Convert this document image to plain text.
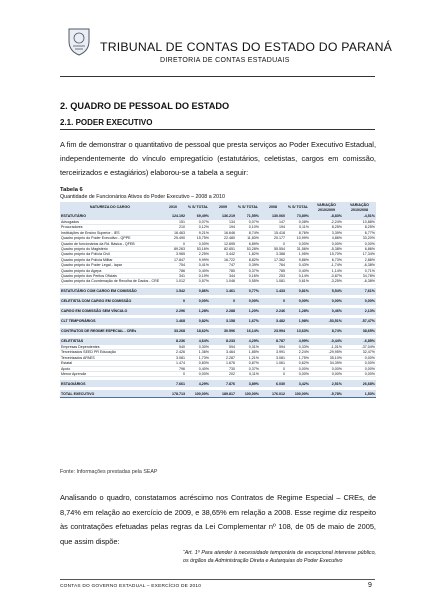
TRIBUNAL DE CONTAS DO ESTADO DO PARANÁ
DIRETORIA DE CONTAS ESTADUAIS
2. QUADRO DE PESSOAL DO ESTADO
2.1. PODER EXECUTIVO
A fim de demonstrar o quantitativo de pessoal que presta serviços ao Poder Executivo Estadual, independentemente do vínculo empregatício (estatutários, celetistas, cargos em comissão, terceirizados e estagiários) elaborou-se a tabela a seguir:
Tabela 6
Quantidade de Funcionários Ativos do Poder Executivo – 2008 a 2010
NATUREZA DO CARGO	2010	% S/ TOTAL	2009	% S/ TOTAL	2008	% S/ TOTAL	VARIAÇÃO 2010/2009	VARIAÇÃO 2010/2008
ESTATUTÁRIO	124.192	69,49%	136.219	71,55%	130.060	73,89%	-8,83%	-4,51%
Advogados	151	0,07%	134	0,07%	147	0,08%	-2,24%	10,88%
Procuradores	210	0,12%	194	0,10%	194	0,11%	8,25%	8,25%
Instituições de Ensino Superior - IES	16.463	9,21%	16.646	8,74%	15.418	8,76%	3,39%	6,77%
Quadro próprio do Poder Executivo - QPPE	25.490	15,75%	22.480	11,83%	20.177	10,99%	4,86%	33,20%
Quadro de funcionários da Rd. Básica - QFEB	0	0,00%	12.695	6,89%	0	0,00%	0,00%	0,00%
Quadro próprio do Magistério	89.263	53,16%	82.651	53,28%	55.554	31,56%	-5,38%	6,86%
Quadro próprio da Polícia Civil	3.965	2,25%	3.442	1,82%	3.388	1,95%	15,70%	17,34%
Quadro próprio da Polícia Militar	17.847	9,99%	16.722	8,82%	17.362	9,86%	6,73%	2,86%
Quadro próprio do Poder Legal - Iapar	754	0,41%	747	0,39%	764	0,43%	-1,74%	-6,38%
Quadro próprio do Agepa	786	0,40%	780	0,37%	785	0,40%	1,14%	0,71%
Quadro próprio dos Peritos Oficiais	341	0,19%	344	0,16%	253	0,14%	-0,87%	34,78%
Quadro próprio da Coordenação de Recolha de Dados - CRE	1.012	0,57%	1.046	0,55%	1.081	0,61%	-3,25%	-6,38%

ESTATUTÁRIO COM CARGO EM COMISSÃO	1.542	0,86%	1.461	0,77%	1.433	0,81%	5,54%	7,61%

CELETISTA COM CARGO EM COMISSÃO	0	0,00%	0	0,00%	0	0,00%	0,00%	0,00%

CARGO EM COMISSÃO SEM VÍNCULO	2.296	1,28%	2.288	1,20%	2.246	1,28%	0,46%	2,13%

CLT TEMPORÁRIOS	1.468	0,82%	3.158	1,67%	3.482	1,98%	-53,51%	-57,47%

CONTRATOS DE REGIME ESPECIAL - CREs	33.268	18,62%	30.596	16,14%	23.994	13,63%	8,74%	38,65%

CELETISTAS	8.236	4,64%	8.233	4,29%	8.787	4,99%	-0,44%	-6,85%
Empresas Dependentes	540	0,30%	594	0,31%	594	0,33%	-1,01%	-37,04%
Terceirizados SEED PR Educação	2.426	1,36%	3.464	1,85%	3.991	2,24%	-29,95%	32,47%
Terceirizados APAES	3.081	1,73%	2.287	1,21%	3.081	1,75%	35,10%	0,00%
Estatal	1.474	0,83%	1.676	0,87%	1.061	0,62%	34,39%	0,00%
Apoio	796	0,40%	730	0,37%	0	0,00%	0,00%	0,00%
Menor Aprendiz	0	0,00%	202	0,11%	0	0,00%	0,00%	0,00%

ESTAGIÁRIOS	7.661	4,29%	7.876	3,89%	6.030	3,42%	2,51%	26,68%

TOTAL EXECUTIVO	178.713	100,00%	189.817	100,00%	176.012	100,00%	-5,78%	1,53%
Fonte: Informações prestadas pela SEAP
Analisando o quadro, constatamos acréscimo nos Contratos de Regime Especial – CREs, de 8,74% em relação ao exercício de 2009, e 38,65% em relação a 2008. Esse regime diz respeito às contratações efetuadas pelas regras da Lei Complementar nº 108, de 05 de maio de 2005, que assim dispõe:
“Art. 1º Para atender à necessidade temporária de excepcional interesse público, os órgãos da Administração Direta e Autarquias do Poder Executivo
CONTAS DO GOVERNO ESTADUAL – EXERCÍCIO DE 2010	9
